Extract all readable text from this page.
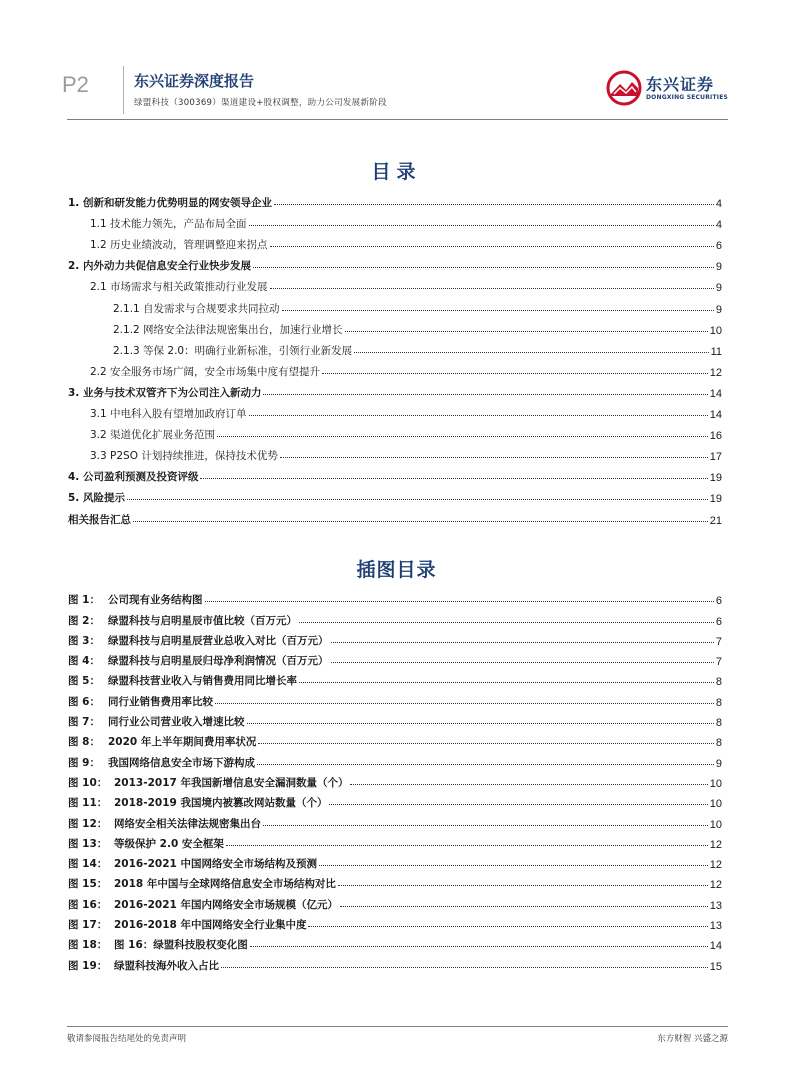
P2	东兴证券深度报告
绿盟科技（300369）渠道建设+股权调整，助力公司发展新阶段
东兴证券
DONGXING SECURITIES
目录
1. 创新和研发能力优势明显的网安领导企业	4
1.1 技术能力领先，产品布局全面	4
1.2 历史业绩波动，管理调整迎来拐点	6
2. 内外动力共促信息安全行业快步发展	9
2.1 市场需求与相关政策推动行业发展	9
2.1.1 自发需求与合规要求共同拉动	9
2.1.2 网络安全法律法规密集出台，加速行业增长	10
2.1.3 等保 2.0：明确行业新标准，引领行业新发展	11
2.2 安全服务市场广阔，安全市场集中度有望提升	12
3. 业务与技术双管齐下为公司注入新动力	14
3.1 中电科入股有望增加政府订单	14
3.2 渠道优化扩展业务范围	16
3.3 P2SO 计划持续推进，保持技术优势	17
4. 公司盈利预测及投资评级	19
5. 风险提示	19
相关报告汇总	21
插图目录
图 1： 公司现有业务结构图	6
图 2： 绿盟科技与启明星辰市值比较（百万元）	6
图 3： 绿盟科技与启明星辰营业总收入对比（百万元）	7
图 4： 绿盟科技与启明星辰归母净利润情况（百万元）	7
图 5： 绿盟科技营业收入与销售费用同比增长率	8
图 6： 同行业销售费用率比较	8
图 7： 同行业公司营业收入增速比较	8
图 8： 2020 年上半年期间费用率状况	8
图 9： 我国网络信息安全市场下游构成	9
图 10： 2013-2017 年我国新增信息安全漏洞数量（个）	10
图 11： 2018-2019 我国境内被篡改网站数量（个）	10
图 12： 网络安全相关法律法规密集出台	10
图 13： 等级保护 2.0 安全框架	12
图 14： 2016-2021 中国网络安全市场结构及预测	12
图 15： 2018 年中国与全球网络信息安全市场结构对比	12
图 16： 2016-2021 年国内网络安全市场规模（亿元）	13
图 17： 2016-2018 年中国网络安全行业集中度	13
图 18： 图 16：绿盟科技股权变化图	14
图 19： 绿盟科技海外收入占比	15
敬请参阅报告结尾处的免责声明	东方财智 兴盛之源
